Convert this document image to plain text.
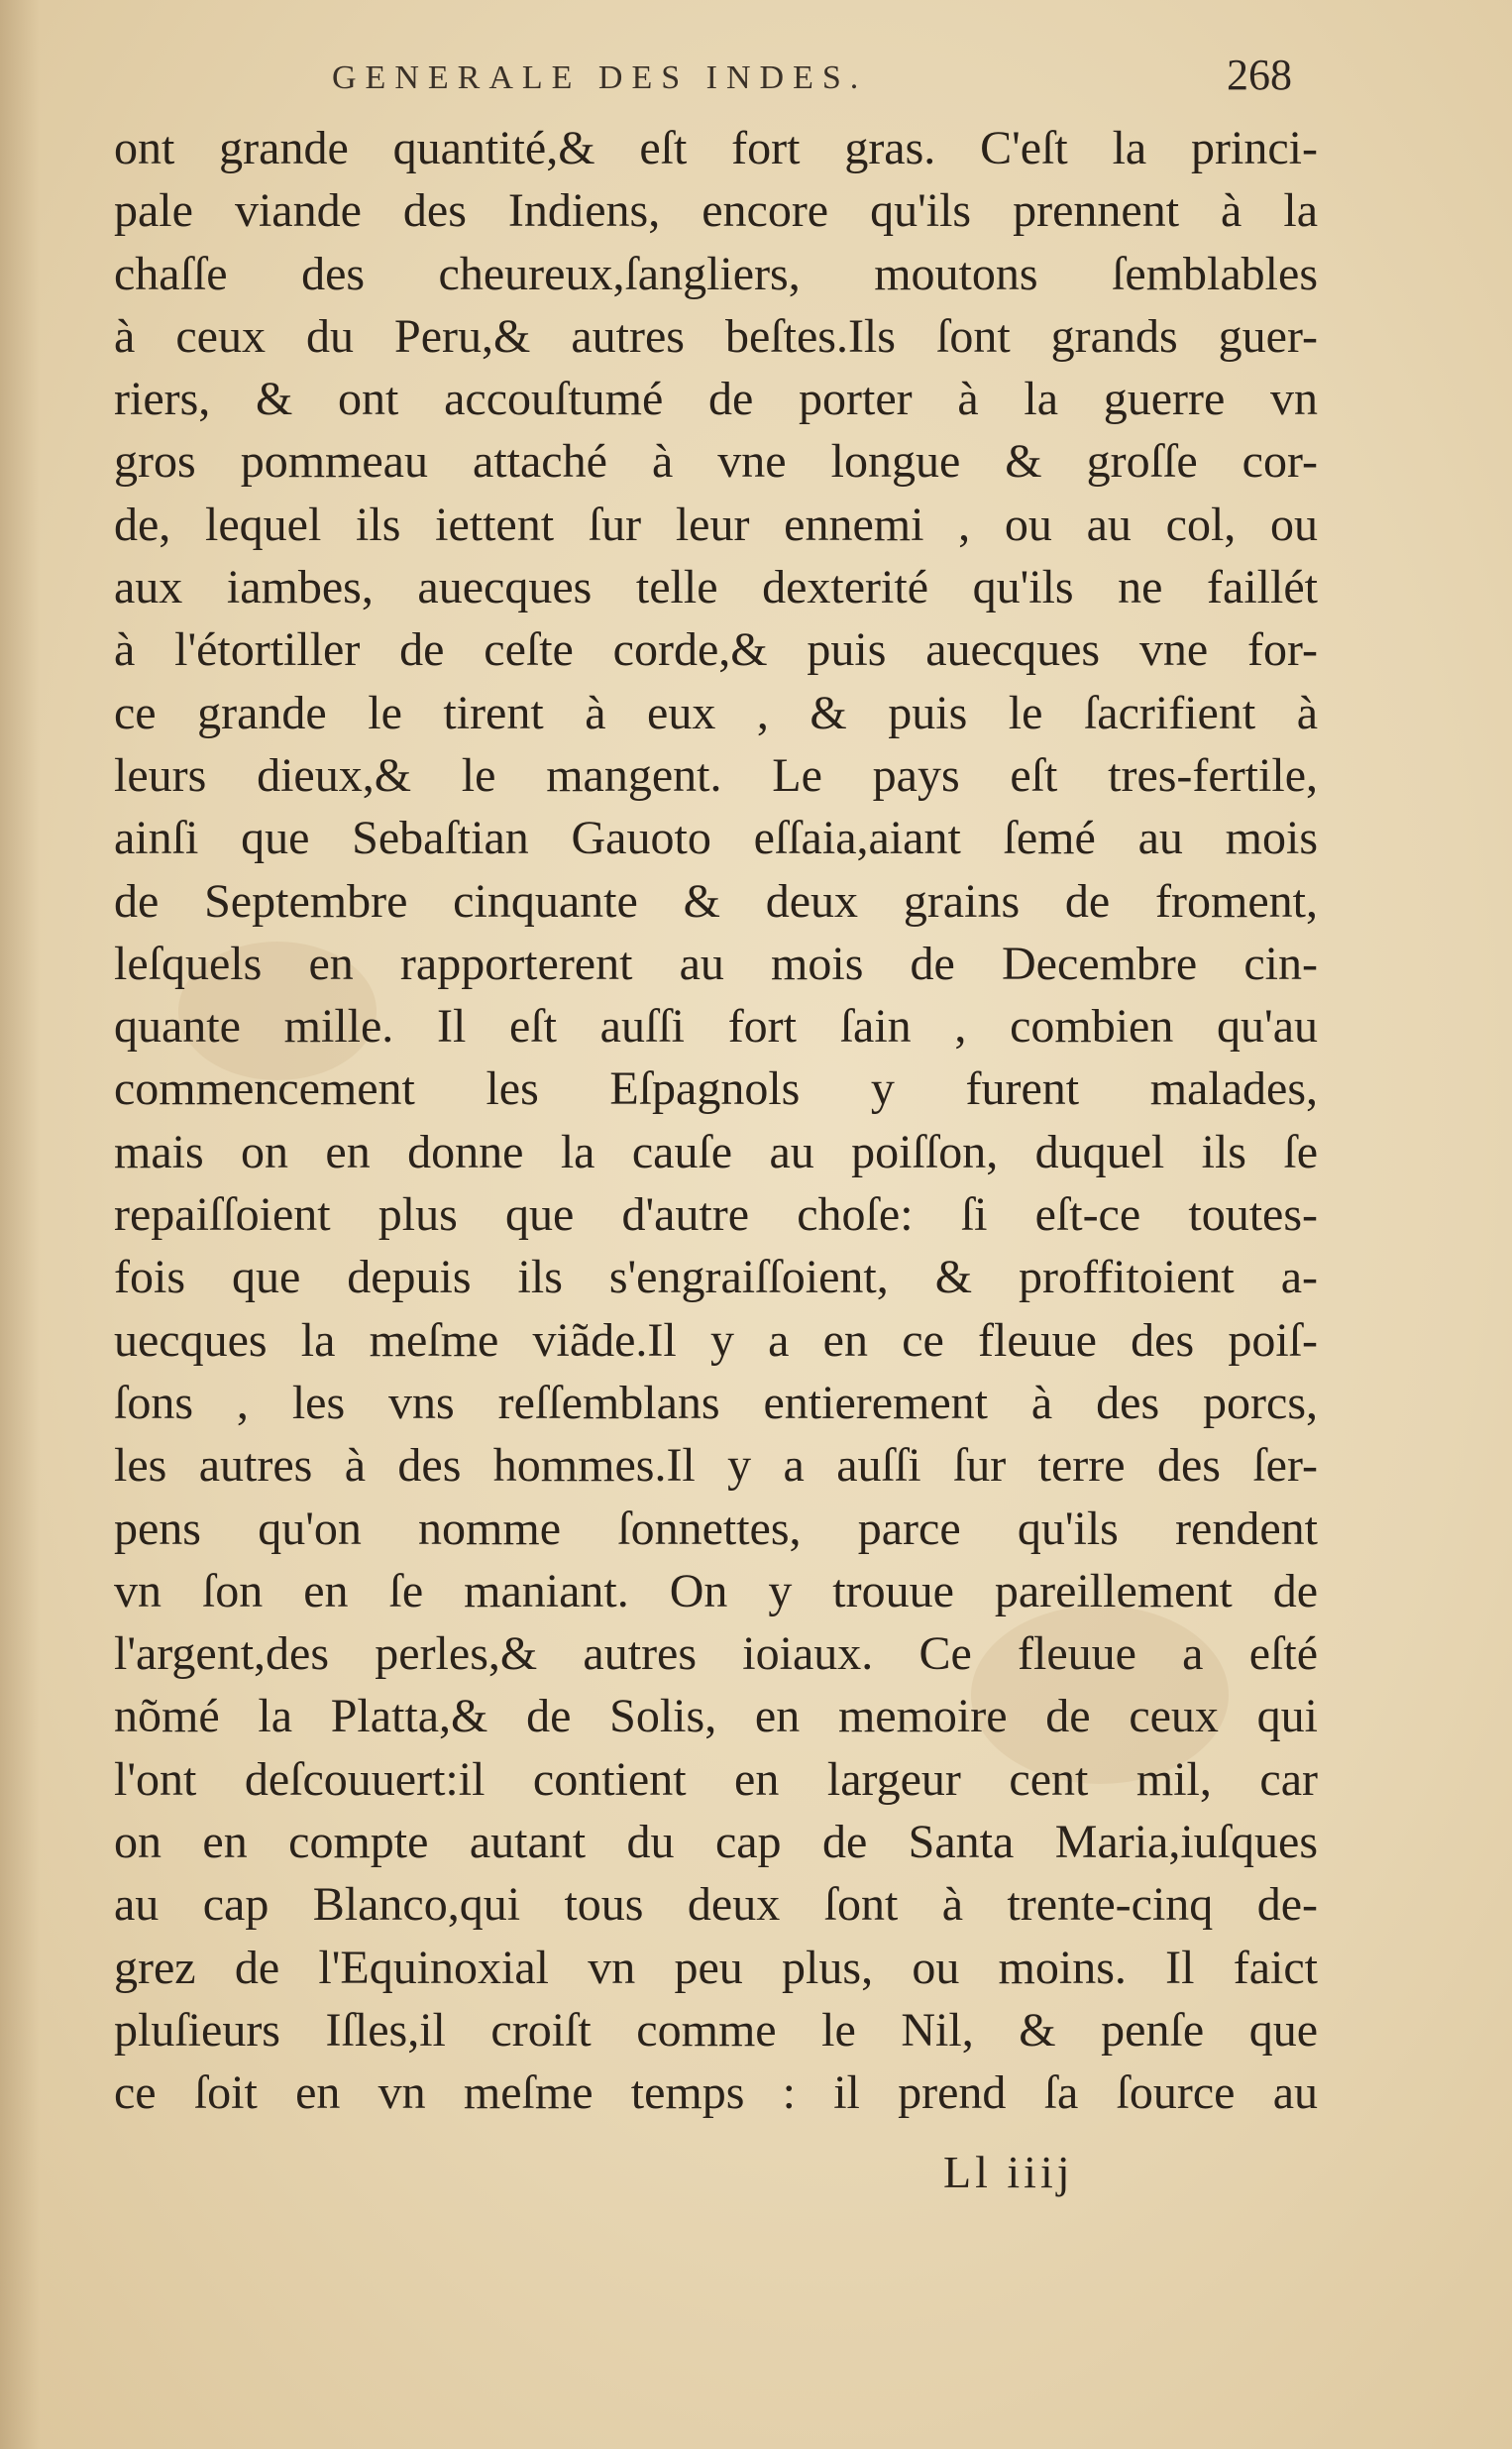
GENERALE DES INDES.	268
ont grande quantité,& eſt fort gras. C'eſt la princi-
pale viande des Indiens, encore qu'ils prennent à la
chaſſe des cheureux,ſangliers, moutons ſemblables
à ceux du Peru,& autres beſtes.Ils ſont grands guer-
riers, & ont accouſtumé de porter à la guerre vn
gros pommeau attaché à vne longue & groſſe cor-
de, lequel ils iettent ſur leur ennemi , ou au col, ou
aux iambes, auecques telle dexterité qu'ils ne faillét
à l'étortiller de ceſte corde,& puis auecques vne for-
ce grande le tirent à eux , & puis le ſacrifient à
leurs dieux,& le mangent. Le pays eſt tres-fertile,
ainſi que Sebaſtian Gauoto eſſaia,aiant ſemé au mois
de Septembre cinquante & deux grains de froment,
leſquels en rapporterent au mois de Decembre cin-
quante mille. Il eſt auſſi fort ſain , combien qu'au
commencement les Eſpagnols y furent malades,
mais on en donne la cauſe au poiſſon, duquel ils ſe
repaiſſoient plus que d'autre choſe: ſi eſt-ce toutes-
fois que depuis ils s'engraiſſoient, & proffitoient a-
uecques la meſme viãde.Il y a en ce fleuue des poiſ-
ſons , les vns reſſemblans entierement à des porcs,
les autres à des hommes.Il y a auſſi ſur terre des ſer-
pens qu'on nomme ſonnettes, parce qu'ils rendent
vn ſon en ſe maniant. On y trouue pareillement de
l'argent,des perles,& autres ioiaux. Ce fleuue a eſté
nõmé la Platta,& de Solis, en memoire de ceux qui
l'ont deſcouuert:il contient en largeur cent mil, car
on en compte autant du cap de Santa Maria,iuſques
au cap Blanco,qui tous deux ſont à trente-cinq de-
grez de l'Equinoxial vn peu plus, ou moins. Il faict
pluſieurs Iſles,il croiſt comme le Nil, & penſe que
ce ſoit en vn meſme temps : il prend ſa ſource au
Ll iiij
